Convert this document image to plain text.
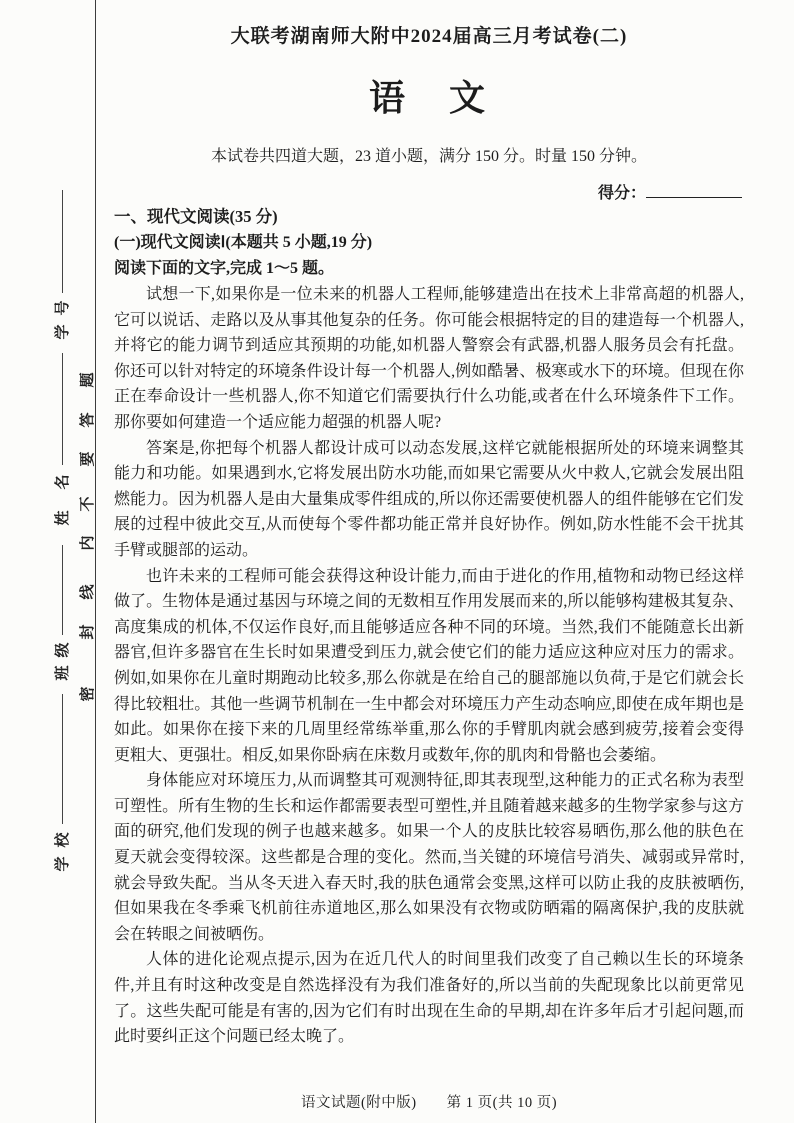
号
学
名
姓
级
班
校
学
题
答
要
不
内
线
封
密
大联考湖南师大附中2024届高三月考试卷(二)
语　文
本试卷共四道大题，23 道小题，满分 150 分。时量 150 分钟。
得分：
一、现代文阅读(35 分)
(一)现代文阅读Ⅰ(本题共 5 小题,19 分)
阅读下面的文字,完成 1～5 题。

试想一下,如果你是一位未来的机器人工程师,能够建造出在技术上非常高超的机器人,它可以说话、走路以及从事其他复杂的任务。你可能会根据特定的目的建造每一个机器人,并将它的能力调节到适应其预期的功能,如机器人警察会有武器,机器人服务员会有托盘。你还可以针对特定的环境条件设计每一个机器人,例如酷暑、极寒或水下的环境。但现在你正在奉命设计一些机器人,你不知道它们需要执行什么功能,或者在什么环境条件下工作。那你要如何建造一个适应能力超强的机器人呢?

答案是,你把每个机器人都设计成可以动态发展,这样它就能根据所处的环境来调整其能力和功能。如果遇到水,它将发展出防水功能,而如果它需要从火中救人,它就会发展出阻燃能力。因为机器人是由大量集成零件组成的,所以你还需要使机器人的组件能够在它们发展的过程中彼此交互,从而使每个零件都功能正常并良好协作。例如,防水性能不会干扰其手臂或腿部的运动。

也许未来的工程师可能会获得这种设计能力,而由于进化的作用,植物和动物已经这样做了。生物体是通过基因与环境之间的无数相互作用发展而来的,所以能够构建极其复杂、高度集成的机体,不仅运作良好,而且能够适应各种不同的环境。当然,我们不能随意长出新器官,但许多器官在生长时如果遭受到压力,就会使它们的能力适应这种应对压力的需求。例如,如果你在儿童时期跑动比较多,那么你就是在给自己的腿部施以负荷,于是它们就会长得比较粗壮。其他一些调节机制在一生中都会对环境压力产生动态响应,即使在成年期也是如此。如果你在接下来的几周里经常练举重,那么你的手臂肌肉就会感到疲劳,接着会变得更粗大、更强壮。相反,如果你卧病在床数月或数年,你的肌肉和骨骼也会萎缩。

身体能应对环境压力,从而调整其可观测特征,即其表现型,这种能力的正式名称为表型可塑性。所有生物的生长和运作都需要表型可塑性,并且随着越来越多的生物学家参与这方面的研究,他们发现的例子也越来越多。如果一个人的皮肤比较容易晒伤,那么他的肤色在夏天就会变得较深。这些都是合理的变化。然而,当关键的环境信号消失、减弱或异常时,就会导致失配。当从冬天进入春天时,我的肤色通常会变黑,这样可以防止我的皮肤被晒伤,但如果我在冬季乘飞机前往赤道地区,那么如果没有衣物或防晒霜的隔离保护,我的皮肤就会在转眼之间被晒伤。

人体的进化论观点提示,因为在近几代人的时间里我们改变了自己赖以生长的环境条件,并且有时这种改变是自然选择没有为我们准备好的,所以当前的失配现象比以前更常见了。这些失配可能是有害的,因为它们有时出现在生命的早期,却在许多年后才引起问题,而此时要纠正这个问题已经太晚了。

语文试题(附中版)　　第 1 页(共 10 页)
